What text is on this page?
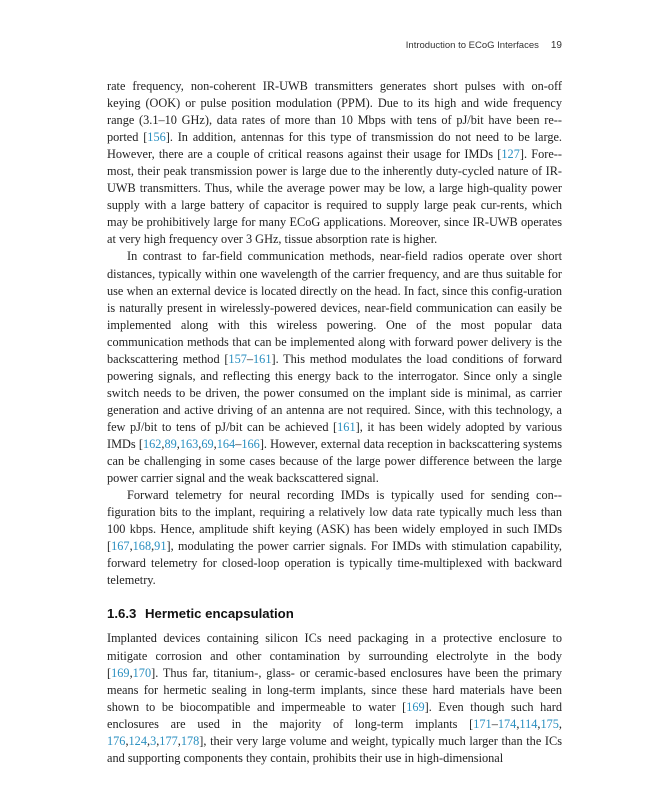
Introduction to ECoG Interfaces 19

rate frequency, non-coherent IR-UWB transmitters generates short pulses with on-off keying (OOK) or pulse position modulation (PPM). Due to its high and wide frequency range (3.1–10 GHz), data rates of more than 10 Mbps with tens of pJ/bit have been re-ported [156]. In addition, antennas for this type of transmission do not need to be large. However, there are a couple of critical reasons against their usage for IMDs [127]. Fore-most, their peak transmission power is large due to the inherently duty-cycled nature of IR-UWB transmitters. Thus, while the average power may be low, a large high-quality power supply with a large battery of capacitor is required to supply large peak cur-rents, which may be prohibitively large for many ECoG applications. Moreover, since IR-UWB operates at very high frequency over 3 GHz, tissue absorption rate is higher.

In contrast to far-field communication methods, near-field radios operate over short distances, typically within one wavelength of the carrier frequency, and are thus suitable for use when an external device is located directly on the head. In fact, since this config-uration is naturally present in wirelessly-powered devices, near-field communication can easily be implemented along with this wireless powering. One of the most popular data communication methods that can be implemented along with forward power delivery is the backscattering method [157–161]. This method modulates the load conditions of forward powering signals, and reflecting this energy back to the interrogator. Since only a single switch needs to be driven, the power consumed on the implant side is minimal, as carrier generation and active driving of an antenna are not required. Since, with this technology, a few pJ/bit to tens of pJ/bit can be achieved [161], it has been widely adopted by various IMDs [162,89,163,69,164–166]. However, external data reception in backscattering systems can be challenging in some cases because of the large power difference between the large power carrier signal and the weak backscattered signal.

Forward telemetry for neural recording IMDs is typically used for sending con-figuration bits to the implant, requiring a relatively low data rate typically much less than 100 kbps. Hence, amplitude shift keying (ASK) has been widely employed in such IMDs [167,168,91], modulating the power carrier signals. For IMDs with stimulation capability, forward telemetry for closed-loop operation is typically time-multiplexed with backward telemetry.

1.6.3 Hermetic encapsulation

Implanted devices containing silicon ICs need packaging in a protective enclosure to mitigate corrosion and other contamination by surrounding electrolyte in the body [169,170]. Thus far, titanium-, glass- or ceramic-based enclosures have been the primary means for hermetic sealing in long-term implants, since these hard materials have been shown to be biocompatible and impermeable to water [169]. Even though such hard enclosures are used in the majority of long-term implants [171–174,114,175, 176,124,3,177,178], their very large volume and weight, typically much larger than the ICs and supporting components they contain, prohibits their use in high-dimensional
